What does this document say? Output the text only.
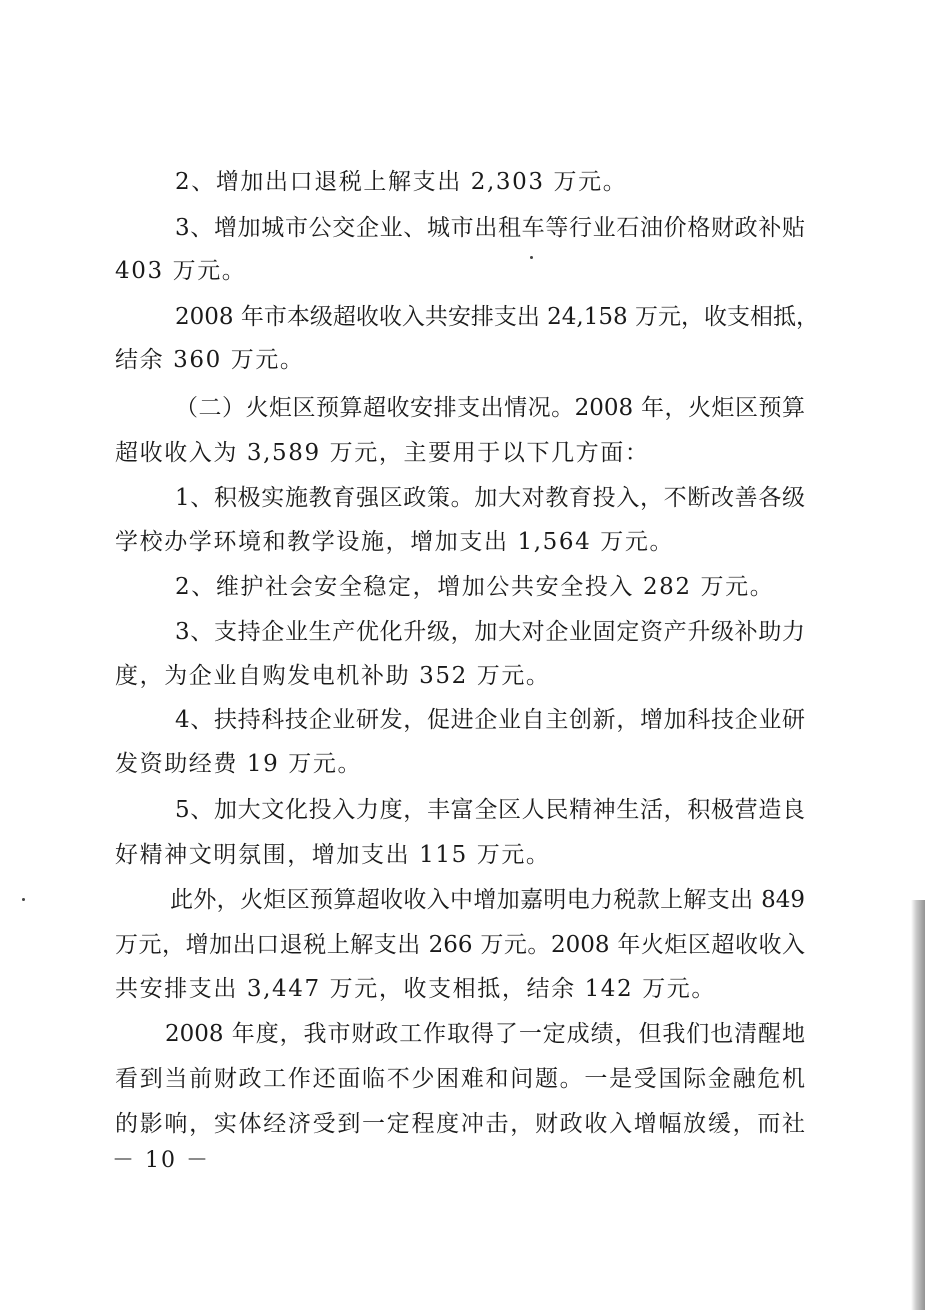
2、增加出口退税上解支出 2,303 万元。
3、增加城市公交企业、城市出租车等行业石油价格财政补贴
403 万元。
2008 年市本级超收收入共安排支出 24,158 万元，收支相抵，
结余 360 万元。
（二）火炬区预算超收安排支出情况。2008 年，火炬区预算
超收收入为 3,589 万元，主要用于以下几方面：
1、积极实施教育强区政策。加大对教育投入，不断改善各级
学校办学环境和教学设施，增加支出 1,564 万元。
2、维护社会安全稳定，增加公共安全投入 282 万元。
3、支持企业生产优化升级，加大对企业固定资产升级补助力
度，为企业自购发电机补助 352 万元。
4、扶持科技企业研发，促进企业自主创新，增加科技企业研
发资助经费 19 万元。
5、加大文化投入力度，丰富全区人民精神生活，积极营造良
好精神文明氛围，增加支出 115 万元。
此外，火炬区预算超收收入中增加嘉明电力税款上解支出 849
万元，增加出口退税上解支出 266 万元。2008 年火炬区超收收入
共安排支出 3,447 万元，收支相抵，结余 142 万元。
2008 年度，我市财政工作取得了一定成绩，但我们也清醒地
看到当前财政工作还面临不少困难和问题。一是受国际金融危机
的影响，实体经济受到一定程度冲击，财政收入增幅放缓，而社
－ 10 －
